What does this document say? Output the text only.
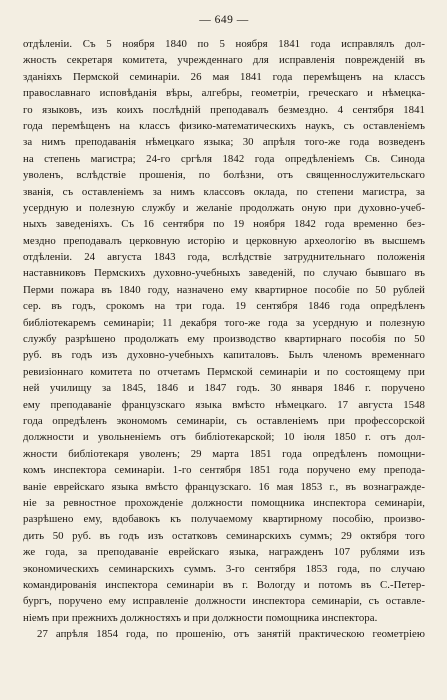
— 649 —
отдѣленіи. Съ 5 ноября 1840 по 5 ноября 1841 года исправлялъ дол-
жность секретаря комитета, учрежденнаго для исправленія поврежденій въ
зданіяхъ Пермской семинаріи. 26 мая 1841 года перемѣщенъ на классъ
православнаго исповѣданія вѣры, алгебры, геометріи, греческаго и нѣмецка-
го языковъ, изъ коихъ послѣдній преподавалъ безмездно. 4 сентября 1841
года перемѣщенъ на классъ физико-математическихъ наукъ, съ оставленіемъ
за нимъ преподаванія нѣмецкаго языка; 30 апрѣля того-же года возведенъ
на степень магистра; 24-го сргѣля 1842 года опредѣленіемъ Св. Синода
уволенъ, вслѣдствіе прошенія, по болѣзни, отъ священнослужительскаго
званія, съ оставленіемъ за нимъ классовъ оклада, по степени магистра, за
усердную и полезную службу и желаніе продолжать оную при духовно-учеб-
ныхъ заведеніяхъ. Съ 16 сентября по 19 ноября 1842 года временно без-
мездно преподавалъ церковную исторію и церковную археологію въ высшемъ
отдѣленіи. 24 августа 1843 года, вслѣдствіе затруднительнаго положенія
наставниковъ Пермскихъ духовно-учебныхъ заведеній, по случаю бывшаго въ
Перми пожара въ 1840 году, назначено ему квартирное пособіе по 50 рублей
сер. въ годъ, срокомъ на три года. 19 сентября 1846 года опредѣленъ
библіотекаремъ семинаріи; 11 декабря того-же года за усердную и полезную
службу разрѣшено продолжать ему производство квартирнаго пособія по 50
руб. въ годъ изъ духовно-учебныхъ капиталовъ. Былъ членомъ временнаго
ревизіоннаго комитета по отчетамъ Пермской семинаріи и по состоящему при
ней училищу за 1845, 1846 и 1847 годъ. 30 января 1846 г. поручено
ему преподаваніе французскаго языка вмѣсто нѣмецкаго. 17 августа 1548
года опредѣленъ экономомъ семинаріи, съ оставленіемъ при профессорской
должности и увольненіемъ отъ библіотекарской; 10 іюля 1850 г. отъ дол-
жности библіотекаря уволенъ; 29 марта 1851 года опредѣленъ помощни-
комъ инспектора семинаріи. 1-го сентября 1851 года поручено ему препода-
ваніе еврейскаго языка вмѣсто французскаго. 16 мая 1853 г., въ вознагражде-
ніе за ревностное прохожденіе должности помощника инспектора семинаріи,
разрѣшено ему, вдобавокъ къ получаемому квартирному пособію, произво-
дить 50 руб. въ годъ изъ остатковъ семинарскихъ суммъ; 29 октября того
же года, за преподаваніе еврейскаго языка, награжденъ 107 рублями изъ
экономическихъ семинарскихъ суммъ. 3-го сентября 1853 года, по случаю
командированія инспектора семинаріи въ г. Вологду и потомъ въ С.-Петер-
бургъ, поручено ему исправленіе должности инспектора семинаріи, съ оставле-
ніемъ при прежнихъ должностяхъ и при должности помощника инспектора.
27 апрѣля 1854 года, по прошенію, отъ занятій практическою геометріею
